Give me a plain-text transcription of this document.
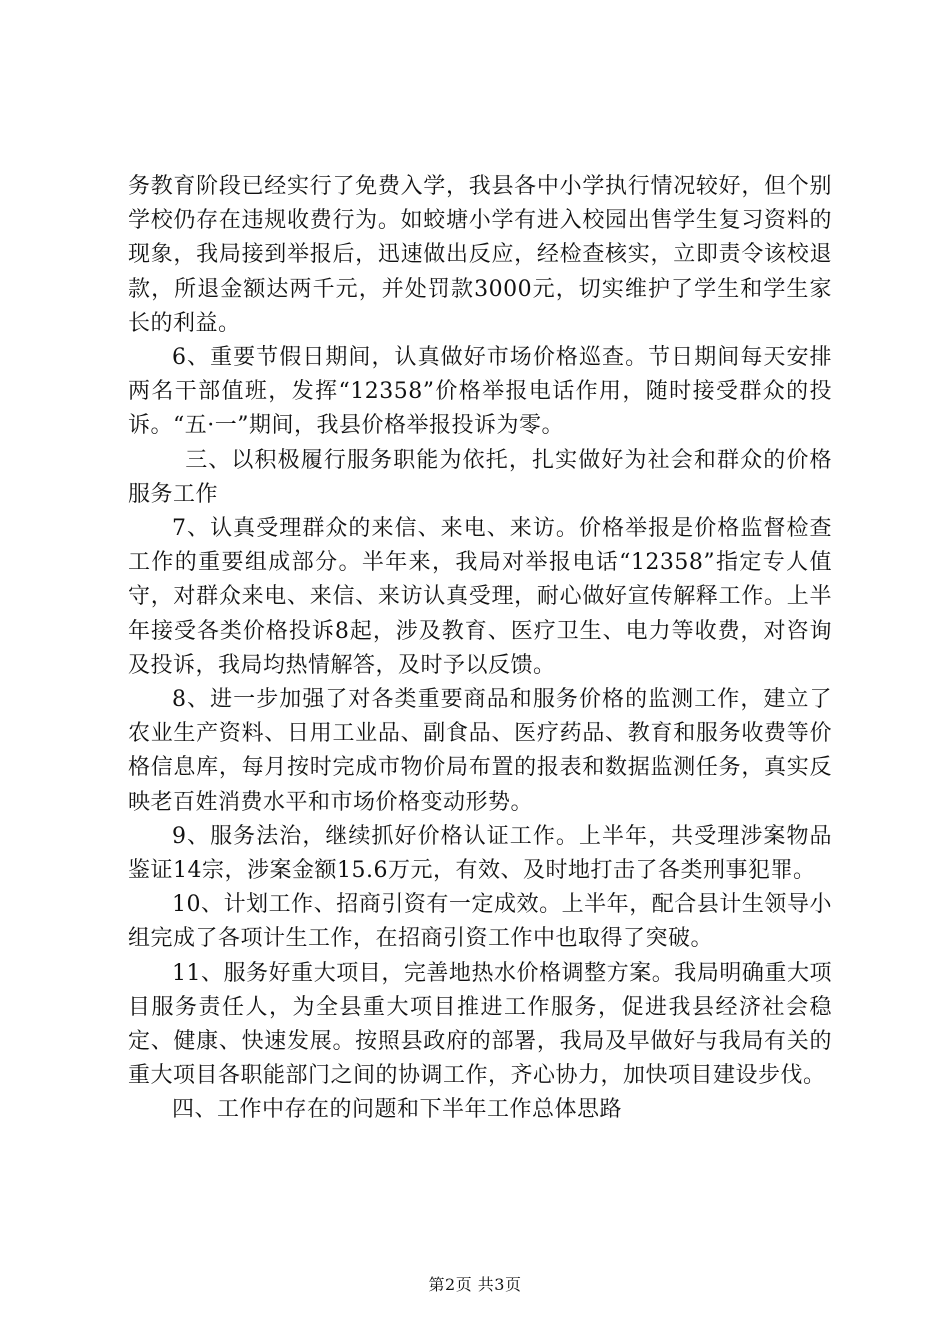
务教育阶段已经实行了免费入学，我县各中小学执行情况较好，但个别学校仍存在违规收费行为。如蛟塘小学有进入校园出售学生复习资料的现象，我局接到举报后，迅速做出反应，经检查核实，立即责令该校退款，所退金额达两千元，并处罚款3000元，切实维护了学生和学生家长的利益。

6、重要节假日期间，认真做好市场价格巡查。节日期间每天安排两名干部值班，发挥“12358”价格举报电话作用，随时接受群众的投诉。“五·一”期间，我县价格举报投诉为零。

三、以积极履行服务职能为依托，扎实做好为社会和群众的价格服务工作

7、认真受理群众的来信、来电、来访。价格举报是价格监督检查工作的重要组成部分。半年来，我局对举报电话“12358”指定专人值守，对群众来电、来信、来访认真受理，耐心做好宣传解释工作。上半年接受各类价格投诉8起，涉及教育、医疗卫生、电力等收费，对咨询及投诉，我局均热情解答，及时予以反馈。

8、进一步加强了对各类重要商品和服务价格的监测工作，建立了农业生产资料、日用工业品、副食品、医疗药品、教育和服务收费等价格信息库，每月按时完成市物价局布置的报表和数据监测任务，真实反映老百姓消费水平和市场价格变动形势。

9、服务法治，继续抓好价格认证工作。上半年，共受理涉案物品鉴证14宗，涉案金额15.6万元，有效、及时地打击了各类刑事犯罪。

10、计划工作、招商引资有一定成效。上半年，配合县计生领导小组完成了各项计生工作，在招商引资工作中也取得了突破。

11、服务好重大项目，完善地热水价格调整方案。我局明确重大项目服务责任人，为全县重大项目推进工作服务，促进我县经济社会稳定、健康、快速发展。按照县政府的部署，我局及早做好与我局有关的重大项目各职能部门之间的协调工作，齐心协力，加快项目建设步伐。

四、工作中存在的问题和下半年工作总体思路

第2页 共3页
